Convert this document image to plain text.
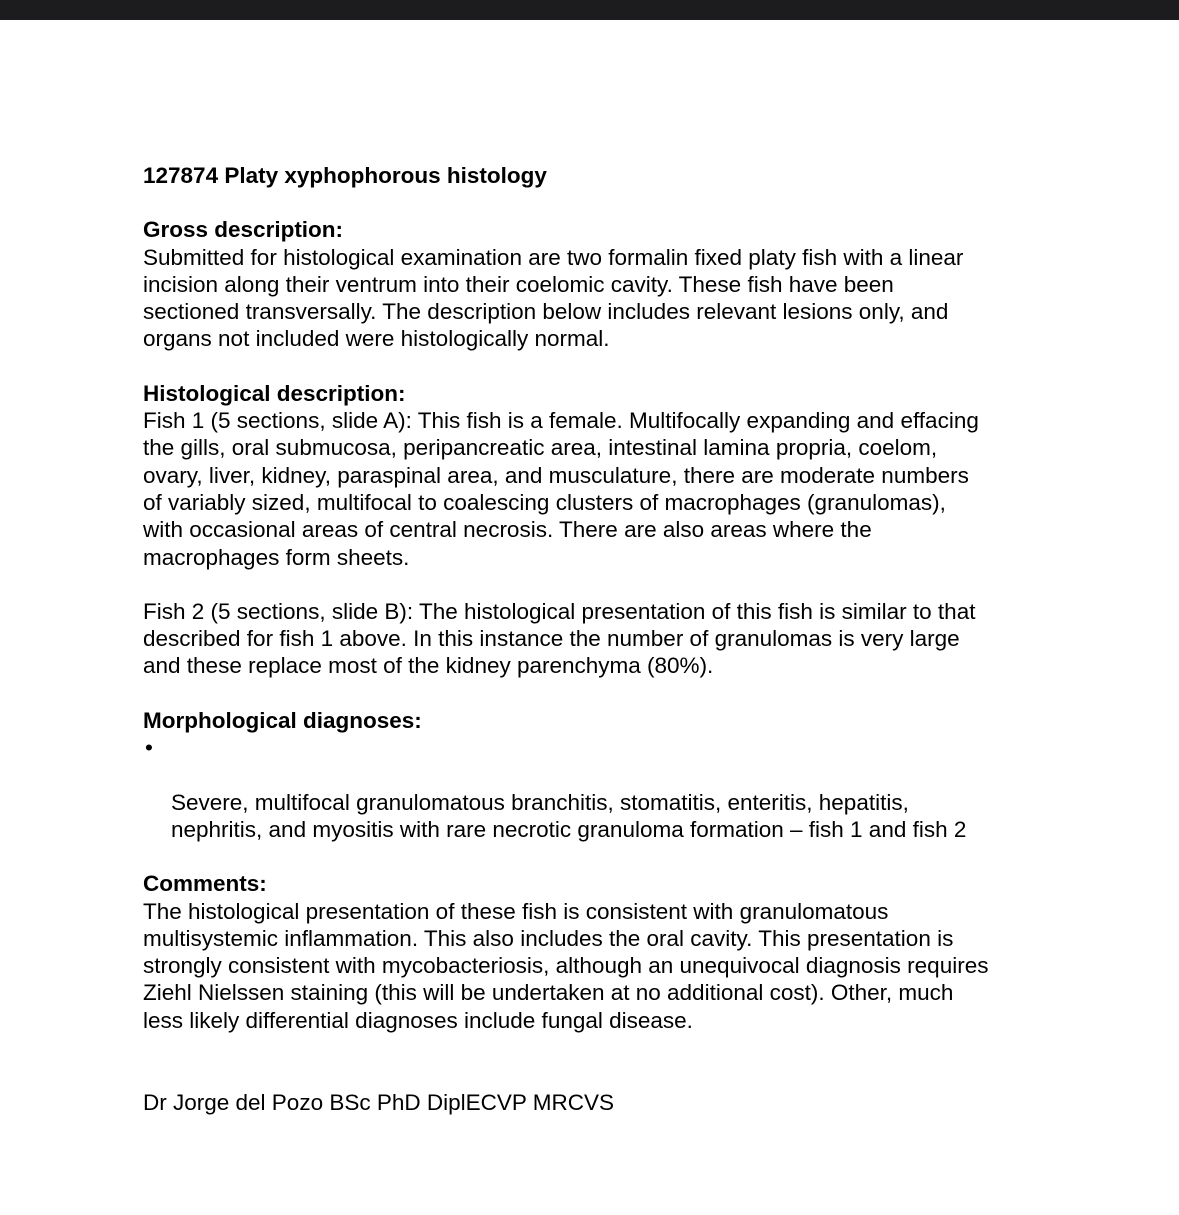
127874 Platy xyphophorous histology

Gross description:

Submitted for histological examination are two formalin fixed platy fish with a linear
incision along their ventrum into their coelomic cavity. These fish have been
sectioned transversally. The description below includes relevant lesions only, and
organs not included were histologically normal.

Histological description:

Fish 1 (5 sections, slide A): This fish is a female. Multifocally expanding and effacing
the gills, oral submucosa, peripancreatic area, intestinal lamina propria, coelom,
ovary, liver, kidney, paraspinal area, and musculature, there are moderate numbers
of variably sized, multifocal to coalescing clusters of macrophages (granulomas),
with occasional areas of central necrosis. There are also areas where the
macrophages form sheets.

Fish 2 (5 sections, slide B): The histological presentation of this fish is similar to that
described for fish 1 above. In this instance the number of granulomas is very large
and these replace most of the kidney parenchyma (80%).

Morphological diagnoses:

•

Severe, multifocal granulomatous branchitis, stomatitis, enteritis, hepatitis,
nephritis, and myositis with rare necrotic granuloma formation – fish 1 and fish 2

Comments:

The histological presentation of these fish is consistent with granulomatous
multisystemic inflammation. This also includes the oral cavity. This presentation is
strongly consistent with mycobacteriosis, although an unequivocal diagnosis requires
Ziehl Nielssen staining (this will be undertaken at no additional cost). Other, much
less likely differential diagnoses include fungal disease.

Dr Jorge del Pozo BSc PhD DiplECVP MRCVS
